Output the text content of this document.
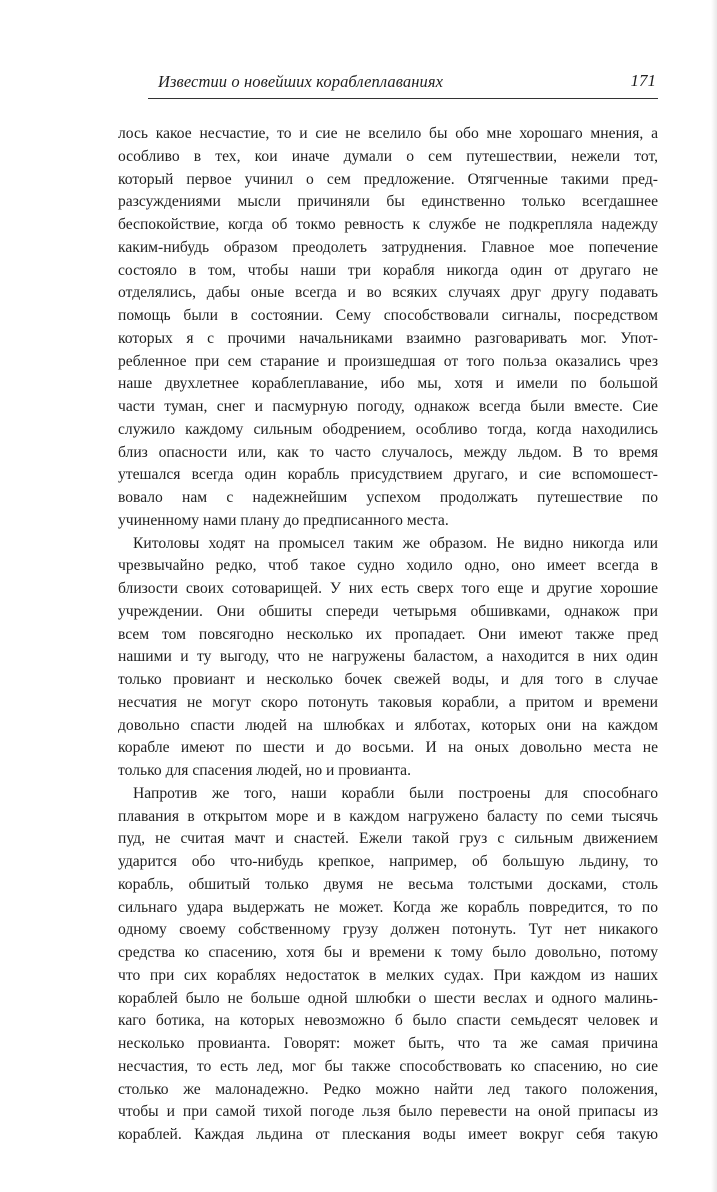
Известии о новейших кораблеплаваниях	171
лось какое несчастие, то и сие не вселило бы обо мне хорошаго мнения, а
особливо в тех, кои иначе думали о сем путешествии, нежели тот,
который первое учинил о сем предложение. Отягченные такими пред-
разсуждениями мысли причиняли бы единственно только всегдашнее
беспокойствие, когда об токмо ревность к службе не подкрепляла надежду
каким-нибудь образом преодолеть затруднения. Главное мое попечение
состояло в том, чтобы наши три корабля никогда один от другаго не
отделялись, дабы оные всегда и во всяких случаях друг другу подавать
помощь были в состоянии. Сему способствовали сигналы, посредством
которых я с прочими начальниками взаимно разговаривать мог. Упот-
ребленное при сем старание и произшедшая от того польза оказались чрез
наше двухлетнее кораблеплавание, ибо мы, хотя и имели по большой
части туман, снег и пасмурную погоду, однакож всегда были вместе. Сие
служило каждому сильным ободрением, особливо тогда, когда находились
близ опасности или, как то часто случалось, между льдом. В то время
утешался всегда один корабль присудствием другаго, и сие вспомошест-
вовало нам с надежнейшим успехом продолжать путешествие по
учиненному нами плану до предписанного места.
Китоловы ходят на промысел таким же образом. Не видно никогда или
чрезвычайно редко, чтоб такое судно ходило одно, оно имеет всегда в
близости своих сотоварищей. У них есть сверх того еще и другие хорошие
учреждении. Они обшиты спереди четырьмя обшивками, однакож при
всем том повсягодно несколько их пропадает. Они имеют также пред
нашими и ту выгоду, что не нагружены баластом, а находится в них один
только провиант и несколько бочек свежей воды, и для того в случае
несчатия не могут скоро потонуть таковыя корабли, а притом и времени
довольно спасти людей на шлюбках и ялботах, которых они на каждом
корабле имеют по шести и до восьми. И на оных довольно места не
только для спасения людей, но и провианта.
Напротив же того, наши корабли были построены для способнаго
плавания в открытом море и в каждом нагружено баласту по семи тысячь
пуд, не считая мачт и снастей. Ежели такой груз с сильным движением
ударится обо что-нибудь крепкое, например, об большую льдину, то
корабль, обшитый только двумя не весьма толстыми досками, столь
сильнаго удара выдержать не может. Когда же корабль повредится, то по
одному своему собственному грузу должен потонуть. Тут нет никакого
средства ко спасению, хотя бы и времени к тому было довольно, потому
что при сих кораблях недостаток в мелких судах. При каждом из наших
кораблей было не больше одной шлюбки о шести веслах и одного малинь-
каго ботика, на которых невозможно б было спасти семьдесят человек и
несколько провианта. Говорят: может быть, что та же самая причина
несчастия, то есть лед, мог бы также способствовать ко спасению, но сие
столько же малонадежно. Редко можно найти лед такого положения,
чтобы и при самой тихой погоде льзя было перевести на оной припасы из
кораблей. Каждая льдина от плескания воды имеет вокруг себя такую
